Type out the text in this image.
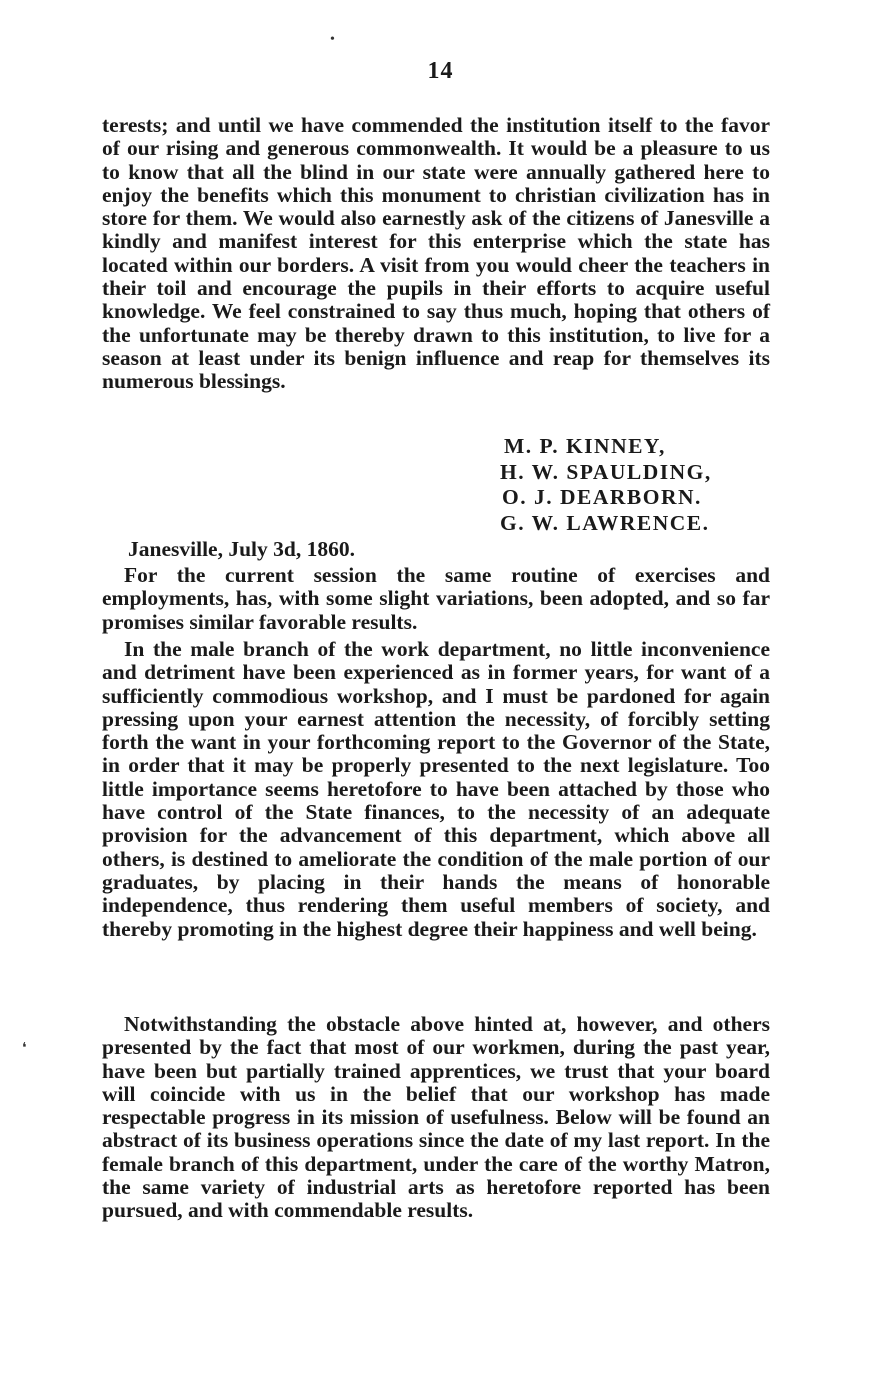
•
14

terests; and until we have commended the institution itself to the favor of our rising and generous commonwealth. It would be a pleasure to us to know that all the blind in our state were annually gathered here to enjoy the benefits which this monument to christian civilization has in store for them. We would also earnestly ask of the citizens of Janesville a kindly and manifest interest for this enterprise which the state has located within our borders. A visit from you would cheer the teachers in their toil and encourage the pupils in their efforts to acquire useful knowledge. We feel constrained to say thus much, hoping that others of the unfortunate may be thereby drawn to this institution, to live for a season at least under its benign influence and reap for themselves its numerous blessings.

M. P. KINNEY,
H. W. SPAULDING,
O. J. DEARBORN.
G. W. LAWRENCE.
Janesville, July 3d, 1860.

For the current session the same routine of exercises and employments, has, with some slight variations, been adopted, and so far promises similar favorable results.

In the male branch of the work department, no little inconvenience and detriment have been experienced as in former years, for want of a sufficiently commodious workshop, and I must be pardoned for again pressing upon your earnest attention the necessity, of forcibly setting forth the want in your forthcoming report to the Governor of the State, in order that it may be properly presented to the next legislature. Too little importance seems heretofore to have been attached by those who have control of the State finances, to the necessity of an adequate provision for the advancement of this department, which above all others, is destined to ameliorate the condition of the male portion of our graduates, by placing in their hands the means of honorable independence, thus rendering them useful members of society, and thereby promoting in the highest degree their happiness and well being.

❛

Notwithstanding the obstacle above hinted at, however, and others presented by the fact that most of our workmen, during the past year, have been but partially trained apprentices, we trust that your board will coincide with us in the belief that our workshop has made respectable progress in its mission of usefulness. Below will be found an abstract of its business operations since the date of my last report. In the female branch of this department, under the care of the worthy Matron, the same variety of industrial arts as heretofore reported has been pursued, and with commendable results.
